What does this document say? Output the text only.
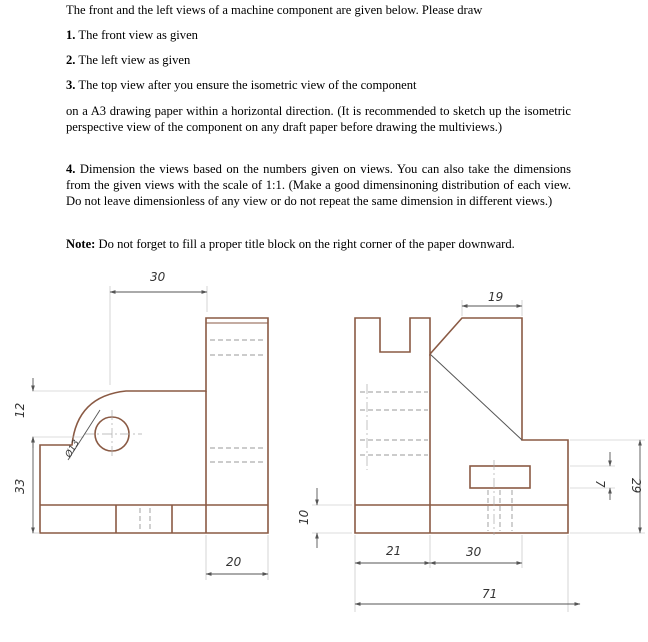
The front and the left views of a machine component are given below. Please draw
1. The front view as given
2. The left view as given
3. The top view after you ensure the isometric view of the component
on a A3 drawing paper within a horizontal direction. (It is recommended to sketch up the isometric perspective view of the component on any draft paper before drawing the multiviews.)
4. Dimension the views based on the numbers given on views. You can also take the dimensions from the given views with the scale of 1:1. (Make a good dimensinoning distribution of each view. Do not leave dimensionless of any view or do not repeat the same dimension in different views.)
Note: Do not forget to fill a proper title block on the right corner of the paper downward.
30
12
33
Ø13
20
10
19
21	30
71
7 29
